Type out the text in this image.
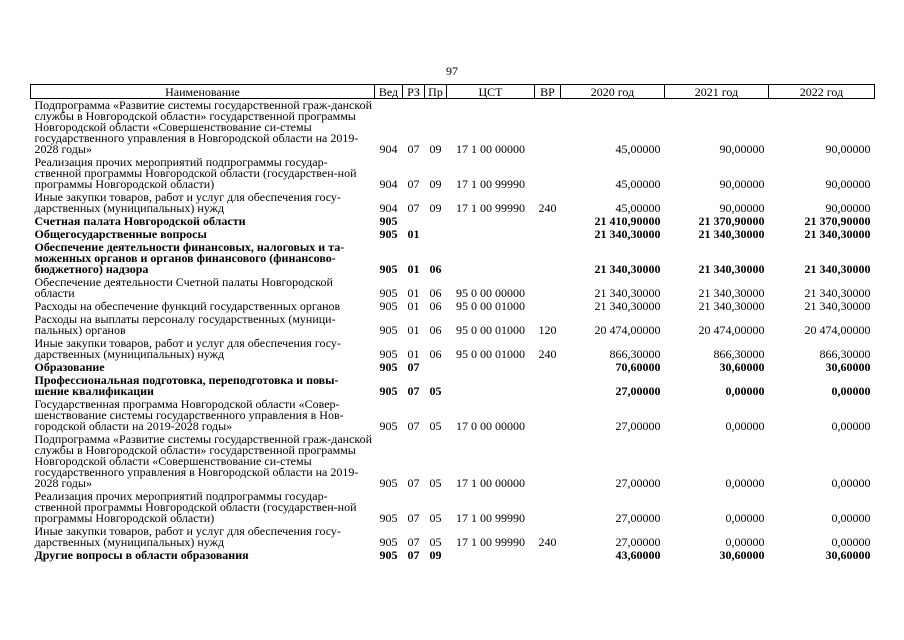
97
Наименование	Вед	РЗ	Пр	ЦСТ	ВР	2020 год	2021 год	2022 год
Подпрограмма «Развитие системы государственной граж-данской службы в Новгородской области» государственной программы Новгородской области «Совершенствование си-стемы государственного управления в Новгородской области на 2019-2028 годы»	904	07	09	17 1 00 00000		45,00000	90,00000	90,00000
Реализация прочих мероприятий подпрограммы государ-ственной программы Новгородской области (государствен-ной программы Новгородской области)	904	07	09	17 1 00 99990		45,00000	90,00000	90,00000
Иные закупки товаров, работ и услуг для обеспечения госу-дарственных (муниципальных) нужд	904	07	09	17 1 00 99990	240	45,00000	90,00000	90,00000
Счетная палата Новгородской области	905					21 410,90000	21 370,90000	21 370,90000
Общегосударственные вопросы	905	01				21 340,30000	21 340,30000	21 340,30000
Обеспечение деятельности финансовых, налоговых и та-моженных органов и органов финансового (финансово-бюджетного) надзора	905	01	06			21 340,30000	21 340,30000	21 340,30000
Обеспечение деятельности Счетной палаты Новгородской области	905	01	06	95 0 00 00000		21 340,30000	21 340,30000	21 340,30000
Расходы на обеспечение функций государственных органов	905	01	06	95 0 00 01000		21 340,30000	21 340,30000	21 340,30000
Расходы на выплаты персоналу государственных (муници-пальных) органов	905	01	06	95 0 00 01000	120	20 474,00000	20 474,00000	20 474,00000
Иные закупки товаров, работ и услуг для обеспечения госу-дарственных (муниципальных) нужд	905	01	06	95 0 00 01000	240	866,30000	866,30000	866,30000
Образование	905	07				70,60000	30,60000	30,60000
Профессиональная подготовка, переподготовка и повы-шение квалификации	905	07	05			27,00000	0,00000	0,00000
Государственная программа Новгородской области «Совер-шенствование системы государственного управления в Нов-городской области на 2019-2028 годы»	905	07	05	17 0 00 00000		27,00000	0,00000	0,00000
Подпрограмма «Развитие системы государственной граж-данской службы в Новгородской области» государственной программы Новгородской области «Совершенствование си-стемы государственного управления в Новгородской области на 2019-2028 годы»	905	07	05	17 1 00 00000		27,00000	0,00000	0,00000
Реализация прочих мероприятий подпрограммы государ-ственной программы Новгородской области (государствен-ной программы Новгородской области)	905	07	05	17 1 00 99990		27,00000	0,00000	0,00000
Иные закупки товаров, работ и услуг для обеспечения госу-дарственных (муниципальных) нужд	905	07	05	17 1 00 99990	240	27,00000	0,00000	0,00000
Другие вопросы в области образования	905	07	09			43,60000	30,60000	30,60000
